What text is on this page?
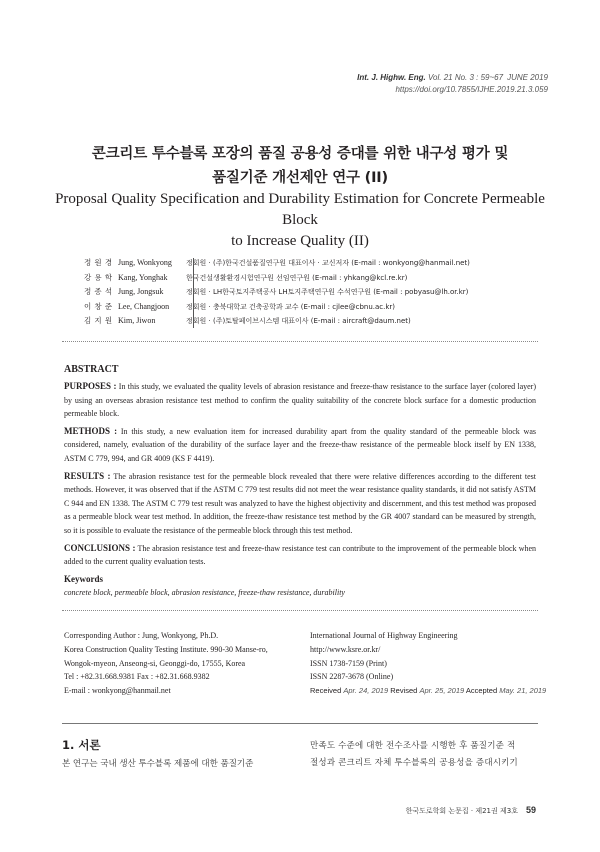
Int. J. Highw. Eng. Vol. 21 No. 3 : 59~67 JUNE 2019
https://doi.org/10.7855/IJHE.2019.21.3.059
콘크리트 투수블록 포장의 품질 공용성 증대를 위한 내구성 평가 및
품질기준 개선제안 연구 (II)
Proposal Quality Specification and Durability Estimation for Concrete Permeable Block
to Increase Quality (II)
정 원 경 Jung, Wonkyong	정회원 · (주)한국건설품질연구원 대표이사 · 교신저자 (E-mail : wonkyong@hanmail.net)
강 용 학 Kang, Yonghak	한국건설생활환경시험연구원 선임연구원 (E-mail : yhkang@kcl.re.kr)
정 종 석 Jung, Jongsuk	정회원 · LH한국토지주택공사 LH토지주택연구원 수석연구원 (E-mail : pobyasu@lh.or.kr)
이 창 준 Lee, Changjoon	정회원 · 충북대학교 건축공학과 교수 (E-mail : cjlee@cbnu.ac.kr)
김 지 원 Kim, Jiwon	정회원 · (주)토탈페이브시스템 대표이사 (E-mail : aircraft@daum.net)
ABSTRACT

PURPOSES : In this study, we evaluated the quality levels of abrasion resistance and freeze-thaw resistance to the surface layer (colored layer) by using an overseas abrasion resistance test method to confirm the quality suitability of the concrete block surface for a domestic production permeable block.

METHODS : In this study, a new evaluation item for increased durability apart from the quality standard of the permeable block was considered, namely, evaluation of the durability of the surface layer and the freeze-thaw resistance of the permeable block itself by EN 1338, ASTM C 779, 994, and GR 4009 (KS F 4419).

RESULTS : The abrasion resistance test for the permeable block revealed that there were relative differences according to the different test methods. However, it was observed that if the ASTM C 779 test results did not meet the wear resistance quality standards, it did not satisfy ASTM C 944 and EN 1338. The ASTM C 779 test result was analyzed to have the highest objectivity and discernment, and this test method was proposed as a permeable block wear test method. In addition, the freeze-thaw resistance test method by the GR 4007 standard can be measured by strength, so it is possible to evaluate the resistance of the permeable block through this test method.

CONCLUSIONS : The abrasion resistance test and freeze-thaw resistance test can contribute to the improvement of the permeable block when added to the current quality evaluation tests.

Keywords
concrete block, permeable block, abrasion resistance, freeze-thaw resistance, durability
Corresponding Author : Jung, Wonkyong, Ph.D.
Korea Construction Quality Testing Institute. 990-30 Manse-ro,
Wongok-myeon, Anseong-si, Geonggi-do, 17555, Korea
Tel : +82.31.668.9381 Fax : +82.31.668.9382
E-mail : wonkyong@hanmail.net
International Journal of Highway Engineering
http://www.ksre.or.kr/
ISSN 1738-7159 (Print)
ISSN 2287-3678 (Online)
Received Apr. 24, 2019 Revised Apr. 25, 2019 Accepted May. 21, 2019
1. 서론
본 연구는 국내 생산 투수블록 제품에 대한 품질기준
만족도 수준에 대한 전수조사를 시행한 후 품질기준 적
절성과 콘크리트 자체 투수블록의 공용성을 증대시키기
한국도로학회 논문집 · 제21권 제3호 59
